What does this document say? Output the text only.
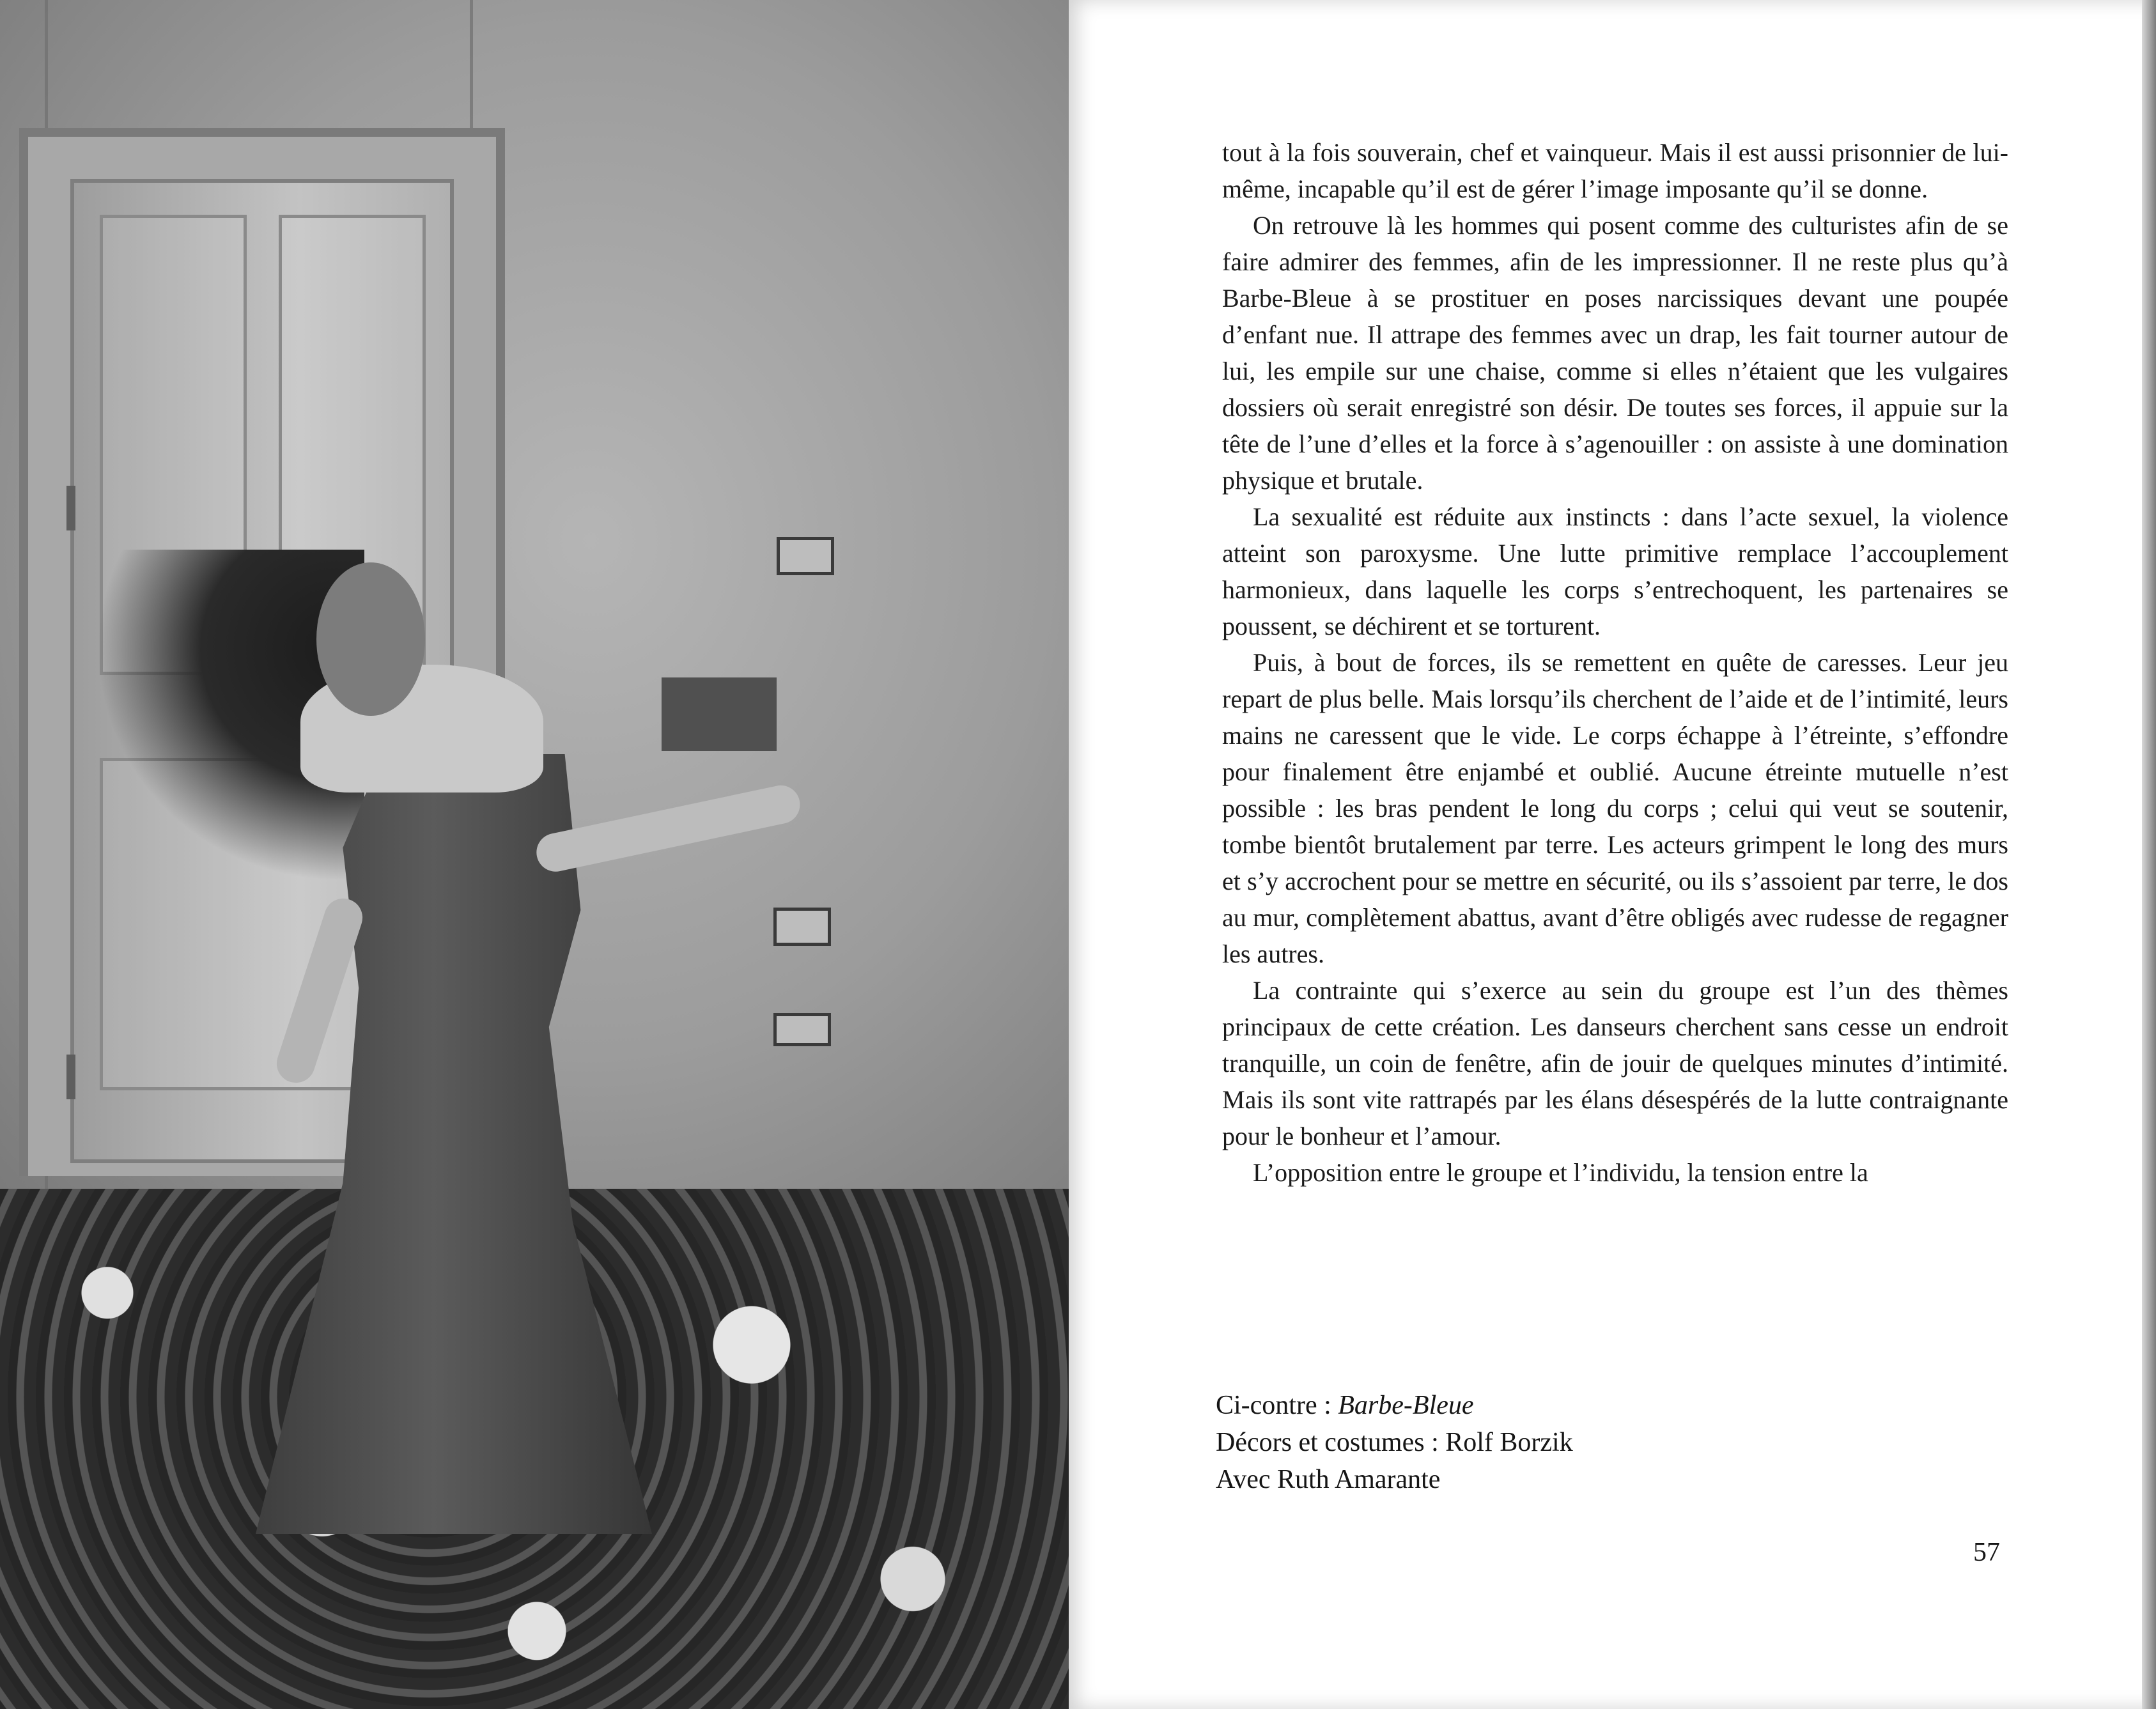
tout à la fois souverain, chef et vainqueur. Mais il est aussi prisonnier de lui-même, incapable qu’il est de gérer l’image imposante qu’il se donne.

On retrouve là les hommes qui posent comme des culturistes afin de se faire admirer des femmes, afin de les impressionner. Il ne reste plus qu’à Barbe-Bleue à se prostituer en poses narcissiques devant une poupée d’enfant nue. Il attrape des femmes avec un drap, les fait tourner autour de lui, les empile sur une chaise, comme si elles n’étaient que les vulgaires dossiers où serait enregistré son désir. De toutes ses forces, il appuie sur la tête de l’une d’elles et la force à s’agenouiller : on assiste à une domination physique et brutale.

La sexualité est réduite aux instincts : dans l’acte sexuel, la violence atteint son paroxysme. Une lutte primitive remplace l’accouplement harmonieux, dans laquelle les corps s’entrechoquent, les partenaires se poussent, se déchirent et se torturent.

Puis, à bout de forces, ils se remettent en quête de caresses. Leur jeu repart de plus belle. Mais lorsqu’ils cherchent de l’aide et de l’intimité, leurs mains ne caressent que le vide. Le corps échappe à l’étreinte, s’effondre pour finalement être enjambé et oublié. Aucune étreinte mutuelle n’est possible : les bras pendent le long du corps ; celui qui veut se soutenir, tombe bientôt brutalement par terre. Les acteurs grimpent le long des murs et s’y accrochent pour se mettre en sécurité, ou ils s’assoient par terre, le dos au mur, complètement abattus, avant d’être obligés avec rudesse de regagner les autres.

La contrainte qui s’exerce au sein du groupe est l’un des thèmes principaux de cette création. Les danseurs cherchent sans cesse un endroit tranquille, un coin de fenêtre, afin de jouir de quelques minutes d’intimité. Mais ils sont vite rattrapés par les élans désespérés de la lutte contraignante pour le bonheur et l’amour.

L’opposition entre le groupe et l’individu, la tension entre la

Ci-contre : Barbe-Bleue
Décors et costumes : Rolf Borzik
Avec Ruth Amarante
57
